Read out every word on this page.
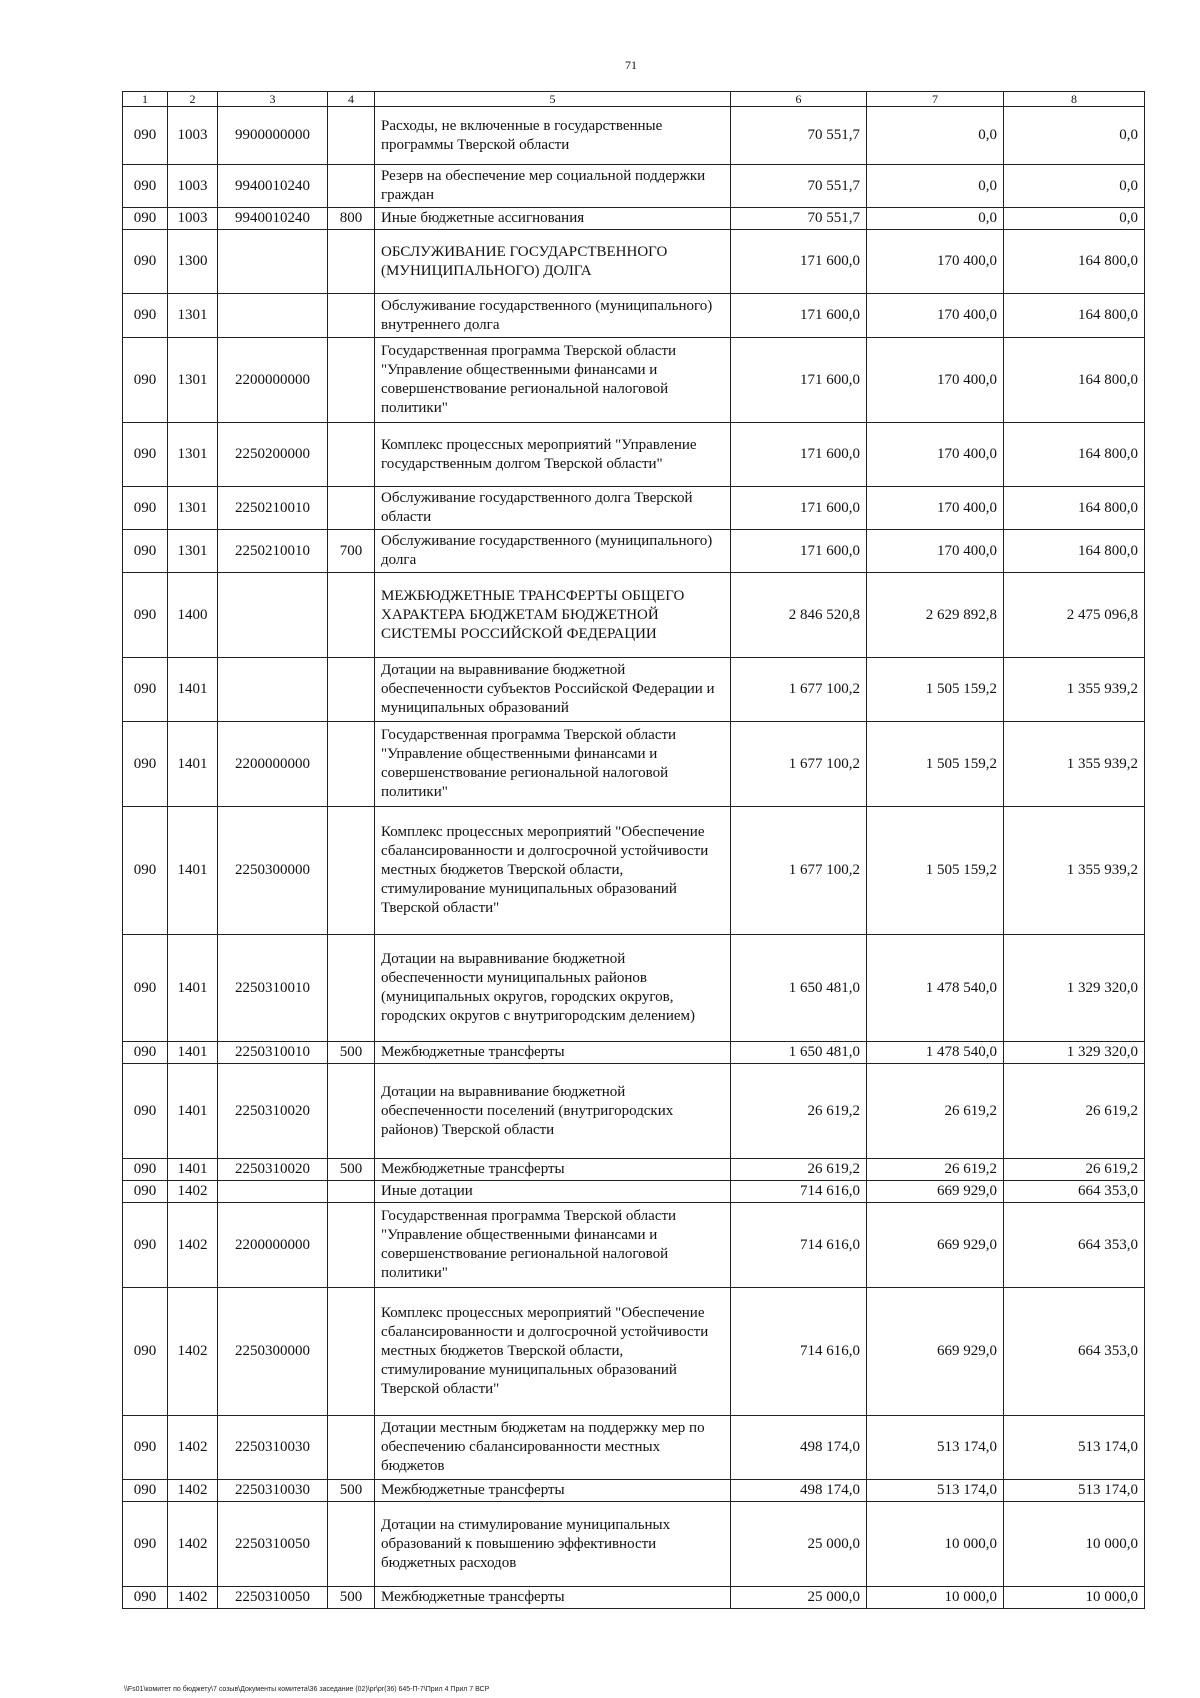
71
1	2	3	4	5	6	7	8
090	1003	9900000000		Расходы, не включенные в государственные программы Тверской области	70 551,7	0,0	0,0
090	1003	9940010240		Резерв на обеспечение мер социальной поддержки граждан	70 551,7	0,0	0,0
090	1003	9940010240	800	Иные бюджетные ассигнования	70 551,7	0,0	0,0
090	1300			ОБСЛУЖИВАНИЕ ГОСУДАРСТВЕННОГО (МУНИЦИПАЛЬНОГО) ДОЛГА	171 600,0	170 400,0	164 800,0
090	1301			Обслуживание государственного (муниципального) внутреннего долга	171 600,0	170 400,0	164 800,0
090	1301	2200000000		Государственная программа Тверской области "Управление общественными финансами и совершенствование региональной налоговой политики"	171 600,0	170 400,0	164 800,0
090	1301	2250200000		Комплекс процессных мероприятий "Управление государственным долгом Тверской области"	171 600,0	170 400,0	164 800,0
090	1301	2250210010		Обслуживание государственного долга Тверской области	171 600,0	170 400,0	164 800,0
090	1301	2250210010	700	Обслуживание государственного (муниципального) долга	171 600,0	170 400,0	164 800,0
090	1400			МЕЖБЮДЖЕТНЫЕ ТРАНСФЕРТЫ ОБЩЕГО ХАРАКТЕРА БЮДЖЕТАМ БЮДЖЕТНОЙ СИСТЕМЫ РОССИЙСКОЙ ФЕДЕРАЦИИ	2 846 520,8	2 629 892,8	2 475 096,8
090	1401			Дотации на выравнивание бюджетной обеспеченности субъектов Российской Федерации и муниципальных образований	1 677 100,2	1 505 159,2	1 355 939,2
090	1401	2200000000		Государственная программа Тверской области "Управление общественными финансами и совершенствование региональной налоговой политики"	1 677 100,2	1 505 159,2	1 355 939,2
090	1401	2250300000		Комплекс процессных мероприятий "Обеспечение сбалансированности и долгосрочной устойчивости местных бюджетов Тверской области, стимулирование муниципальных образований Тверской области"	1 677 100,2	1 505 159,2	1 355 939,2
090	1401	2250310010		Дотации на выравнивание бюджетной обеспеченности муниципальных районов (муниципальных округов, городских округов, городских округов с внутригородским делением)	1 650 481,0	1 478 540,0	1 329 320,0
090	1401	2250310010	500	Межбюджетные трансферты	1 650 481,0	1 478 540,0	1 329 320,0
090	1401	2250310020		Дотации на выравнивание бюджетной обеспеченности поселений (внутригородских районов) Тверской области	26 619,2	26 619,2	26 619,2
090	1401	2250310020	500	Межбюджетные трансферты	26 619,2	26 619,2	26 619,2
090	1402			Иные дотации	714 616,0	669 929,0	664 353,0
090	1402	2200000000		Государственная программа Тверской области "Управление общественными финансами и совершенствование региональной налоговой политики"	714 616,0	669 929,0	664 353,0
090	1402	2250300000		Комплекс процессных мероприятий "Обеспечение сбалансированности и долгосрочной устойчивости местных бюджетов Тверской области, стимулирование муниципальных образований Тверской области"	714 616,0	669 929,0	664 353,0
090	1402	2250310030		Дотации местным бюджетам на поддержку мер по обеспечению сбалансированности местных бюджетов	498 174,0	513 174,0	513 174,0
090	1402	2250310030	500	Межбюджетные трансферты	498 174,0	513 174,0	513 174,0
090	1402	2250310050		Дотации на стимулирование муниципальных образований к повышению эффективности бюджетных расходов	25 000,0	10 000,0	10 000,0
090	1402	2250310050	500	Межбюджетные трансферты	25 000,0	10 000,0	10 000,0
\\Fs01\комитет по бюджету\7 созыв\Документы комитета\36 заседание (02)\pr\pr(36) 645-П-7\Прил 4 Прил 7 ВСР
